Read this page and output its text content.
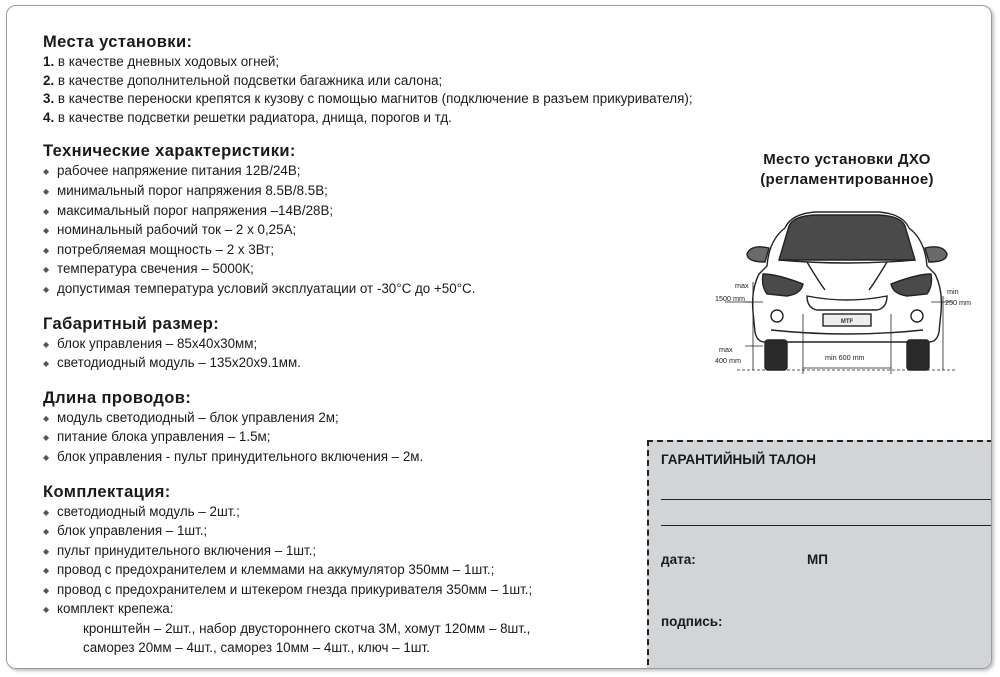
Места установки:
1. в качестве дневных ходовых огней;
2. в качестве дополнительной подсветки багажника или салона;
3. в качестве переноски крепятся к кузову с помощью магнитов (подключение в разъем прикуривателя);
4. в качестве подсветки решетки радиатора, днища, порогов и тд.
Технические характеристики:
◆ рабочее напряжение питания 12В/24В;
◆ минимальный порог напряжения 8.5В/8.5В;
◆ максимальный порог напряжения –14В/28В;
◆ номинальный рабочий ток – 2 х 0,25А;
◆ потребляемая мощность – 2 х 3Вт;
◆ температура свечения – 5000К;
◆ допустимая температура условий эксплуатации от -30°С до +50°С.
Габаритный размер:
◆ блок управления – 85х40х30мм;
◆ светодиодный модуль – 135х20х9.1мм.
Длина проводов:
◆ модуль светодиодный – блок управления 2м;
◆ питание блока управления – 1.5м;
◆ блок управления - пульт принудительного включения – 2м.
Комплектация:
◆ светодиодный модуль – 2шт.;
◆ блок управления – 1шт.;
◆ пульт принудительного включения – 1шт.;
◆ провод с предохранителем и клеммами на аккумулятор 350мм – 1шт.;
◆ провод с предохранителем и штекером гнезда прикуривателя 350мм – 1шт.;
◆ комплект крепежа:
кронштейн – 2шт., набор двустороннего скотча 3М, хомут 120мм – 8шт.,
саморез 20мм – 4шт., саморез 10мм – 4шт., ключ – 1шт.
Место установки ДХО
(регламентированное)
MTF
max
1500 mm
max
400 mm
min
250 mm
min 600 mm
ГАРАНТИЙНЫЙ ТАЛОН
дата:	МП
подпись:
